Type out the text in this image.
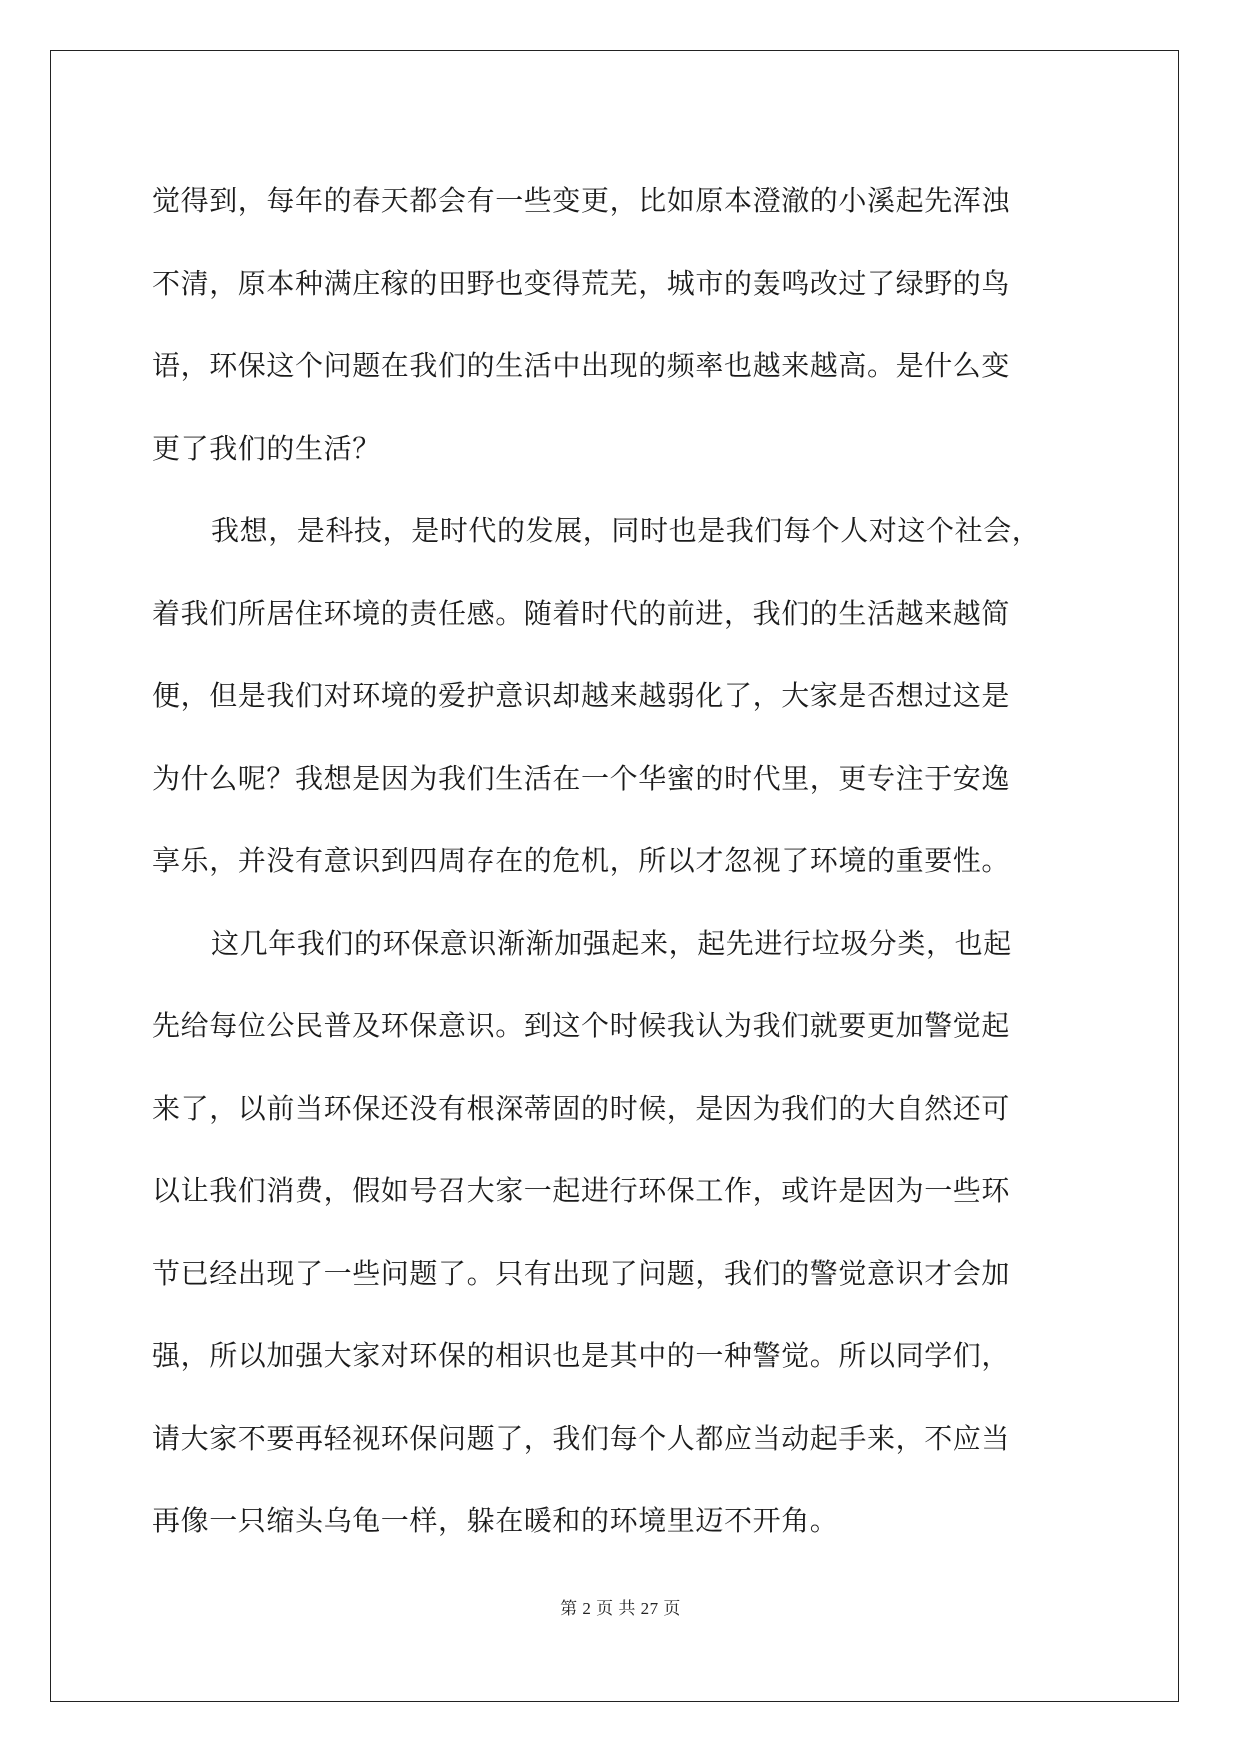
觉得到，每年的春天都会有一些变更，比如原本澄澈的小溪起先浑浊
不清，原本种满庄稼的田野也变得荒芜，城市的轰鸣改过了绿野的鸟
语，环保这个问题在我们的生活中出现的频率也越来越高。是什么变
更了我们的生活？
我想，是科技，是时代的发展，同时也是我们每个人对这个社会，
着我们所居住环境的责任感。随着时代的前进，我们的生活越来越简
便，但是我们对环境的爱护意识却越来越弱化了，大家是否想过这是
为什么呢？我想是因为我们生活在一个华蜜的时代里，更专注于安逸
享乐，并没有意识到四周存在的危机，所以才忽视了环境的重要性。
这几年我们的环保意识渐渐加强起来，起先进行垃圾分类，也起
先给每位公民普及环保意识。到这个时候我认为我们就要更加警觉起
来了，以前当环保还没有根深蒂固的时候，是因为我们的大自然还可
以让我们消费，假如号召大家一起进行环保工作，或许是因为一些环
节已经出现了一些问题了。只有出现了问题，我们的警觉意识才会加
强，所以加强大家对环保的相识也是其中的一种警觉。所以同学们，
请大家不要再轻视环保问题了，我们每个人都应当动起手来，不应当
再像一只缩头乌龟一样，躲在暖和的环境里迈不开角。
第 2 页 共 27 页
